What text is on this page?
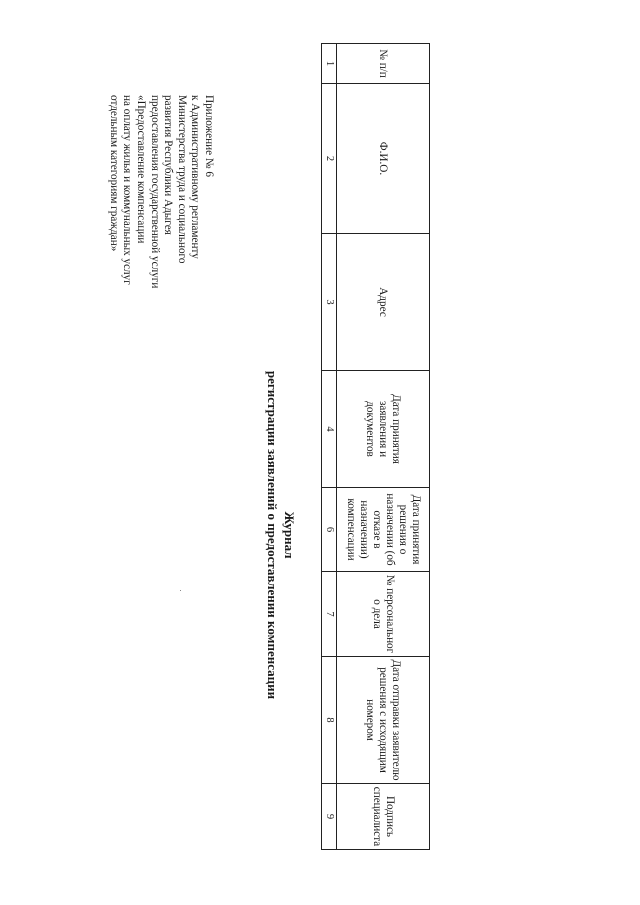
Приложение № 6
к Административному регламенту
Министерства труда и социального
развития Республики Адыгея
предоставления государственной услуги
«Предоставление компенсации
на оплату жилья и коммунальных услуг
отдельным категориям граждан»
Журнал
регистрации заявлений о предоставлении компенсации
№ п/п	Ф.И.О.	Адрес	Дата принятия заявления и документов	Дата принятия решения о назначении (об отказе в назначении) компенсации	№ персональног о дела	Дата отправки заявителю решения с исходящим номером	Подпись специалиста
1	2	3	4	6	7	8	9
